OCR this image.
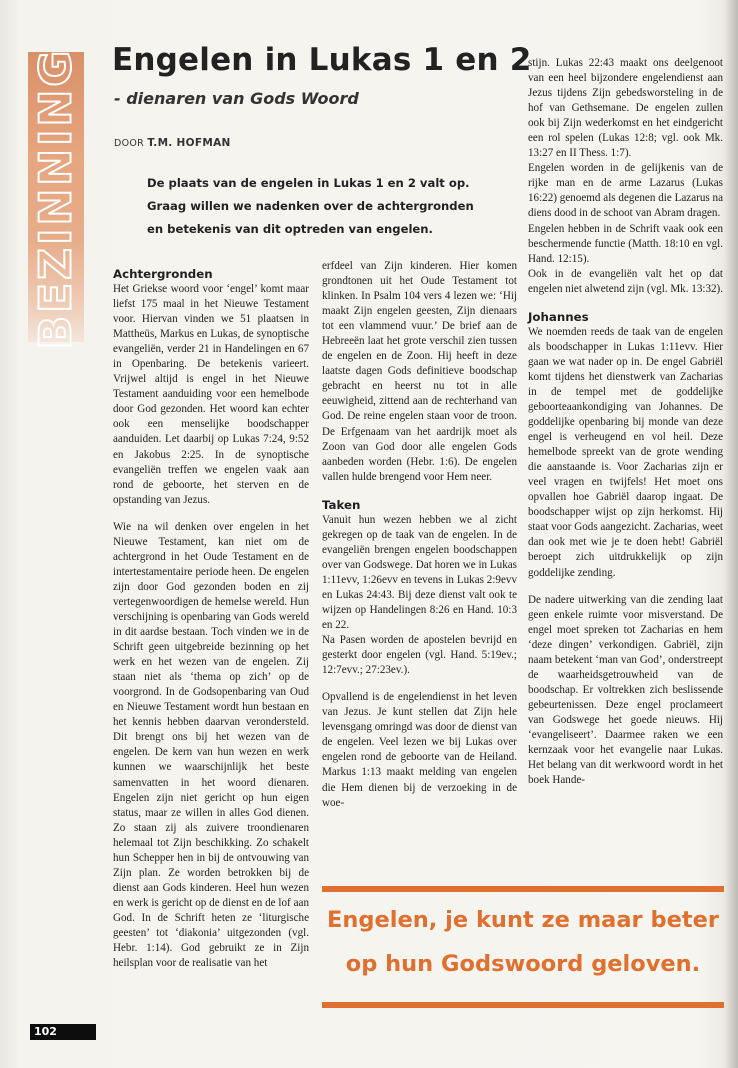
BEZINNING Engelen in Lukas 1 en 2
- dienaren van Gods Woord
DOOR T.M. HOFMAN
De plaats van de engelen in Lukas 1 en 2 valt op. Graag willen we nadenken over de achtergronden en betekenis van dit optreden van engelen.
Achtergronden

Het Griekse woord voor ‘engel’ komt maar liefst 175 maal in het Nieuwe Testament voor. Hiervan vinden we 51 plaatsen in Mattheüs, Markus en Lukas, de synoptische evangeliën, verder 21 in Handelingen en 67 in Openbaring. De betekenis varieert. Vrijwel altijd is engel in het Nieuwe Testament aanduiding voor een hemelbode door God gezonden. Het woord kan echter ook een menselijke boodschapper aanduiden. Let daarbij op Lukas 7:24, 9:52 en Jakobus 2:25. In de synoptische evangeliën treffen we engelen vaak aan rond de geboorte, het sterven en de opstanding van Jezus.

Wie na wil denken over engelen in het Nieuwe Testament, kan niet om de achtergrond in het Oude Testament en de intertestamentaire periode heen. De engelen zijn door God gezonden boden en zij vertegenwoordigen de hemelse wereld. Hun verschijning is openbaring van Gods wereld in dit aardse bestaan. Toch vinden we in de Schrift geen uitgebreide bezinning op het werk en het wezen van de engelen. Zij staan niet als ‘thema op zich’ op de voorgrond. In de Godsopenbaring van Oud en Nieuwe Testament wordt hun bestaan en het kennis hebben daarvan verondersteld. Dit brengt ons bij het wezen van de engelen. De kern van hun wezen en werk kunnen we waarschijnlijk het beste samenvatten in het woord dienaren. Engelen zijn niet gericht op hun eigen status, maar ze willen in alles God dienen. Zo staan zij als zuivere troondienaren helemaal tot Zijn beschikking. Zo schakelt hun Schepper hen in bij de ontvouwing van Zijn plan. Ze worden betrokken bij de dienst aan Gods kinderen. Heel hun wezen en werk is gericht op de dienst en de lof aan God. In de Schrift heten ze ‘liturgische geesten’ tot ‘diakonia’ uitgezonden (vgl. Hebr. 1:14). God gebruikt ze in Zijn heilsplan voor de realisatie van het

erfdeel van Zijn kinderen. Hier komen grondtonen uit het Oude Testament tot klinken. In Psalm 104 vers 4 lezen we: ‘Hij maakt Zijn engelen geesten, Zijn dienaars tot een vlammend vuur.’ De brief aan de Hebreeën laat het grote verschil zien tussen de engelen en de Zoon. Hij heeft in deze laatste dagen Gods definitieve boodschap gebracht en heerst nu tot in alle eeuwigheid, zittend aan de rechterhand van God. De reine engelen staan voor de troon. De Erfgenaam van het aardrijk moet als Zoon van God door alle engelen Gods aanbeden worden (Hebr. 1:6). De engelen vallen hulde brengend voor Hem neer.

Taken

Vanuit hun wezen hebben we al zicht gekregen op de taak van de engelen. In de evangeliën brengen engelen boodschappen over van Godswege. Dat horen we in Lukas 1:11evv, 1:26evv en tevens in Lukas 2:9evv en Lukas 24:43. Bij deze dienst valt ook te wijzen op Handelingen 8:26 en Hand. 10:3 en 22.

Na Pasen worden de apostelen bevrijd en gesterkt door engelen (vgl. Hand. 5:19ev.; 12:7evv.; 27:23ev.).

Opvallend is de engelendienst in het leven van Jezus. Je kunt stellen dat Zijn hele levensgang omringd was door de dienst van de engelen. Veel lezen we bij Lukas over engelen rond de geboorte van de Heiland. Markus 1:13 maakt melding van engelen die Hem dienen bij de verzoeking in de woe-

stijn. Lukas 22:43 maakt ons deelgenoot van een heel bijzondere engelendienst aan Jezus tijdens Zijn gebedsworsteling in de hof van Gethsemane. De engelen zullen ook bij Zijn wederkomst en het eindgericht een rol spelen (Lukas 12:8; vgl. ook Mk. 13:27 en II Thess. 1:7).

Engelen worden in de gelijkenis van de rijke man en de arme Lazarus (Lukas 16:22) genoemd als degenen die Lazarus na diens dood in de schoot van Abram dragen.

Engelen hebben in de Schrift vaak ook een beschermende functie (Matth. 18:10 en vgl. Hand. 12:15).

Ook in de evangeliën valt het op dat engelen niet alwetend zijn (vgl. Mk. 13:32).

Johannes

We noemden reeds de taak van de engelen als boodschapper in Lukas 1:11evv. Hier gaan we wat nader op in. De engel Gabriël komt tijdens het dienstwerk van Zacharias in de tempel met de goddelijke geboorteaankondiging van Johannes. De goddelijke openbaring bij monde van deze engel is verheugend en vol heil. Deze hemelbode spreekt van de grote wending die aanstaande is. Voor Zacharias zijn er veel vragen en twijfels! Het moet ons opvallen hoe Gabriël daarop ingaat. De boodschapper wijst op zijn herkomst. Hij staat voor Gods aangezicht. Zacharias, weet dan ook met wie je te doen hebt! Gabriël beroept zich uitdrukkelijk op zijn goddelijke zending.

De nadere uitwerking van die zending laat geen enkele ruimte voor misverstand. De engel moet spreken tot Zacharias en hem ‘deze dingen’ verkondigen. Gabriël, zijn naam betekent ‘man van God’, onderstreept de waarheidsgetrouwheid van de boodschap. Er voltrekken zich beslissende gebeurtenissen. Deze engel proclameert van Godswege het goede nieuws. Hij ‘evangeliseert’. Daarmee raken we een kernzaak voor het evangelie naar Lukas. Het belang van dit werkwoord wordt in het boek Hande-

Engelen, je kunt ze maar beter
op hun Godswoord geloven.
102
